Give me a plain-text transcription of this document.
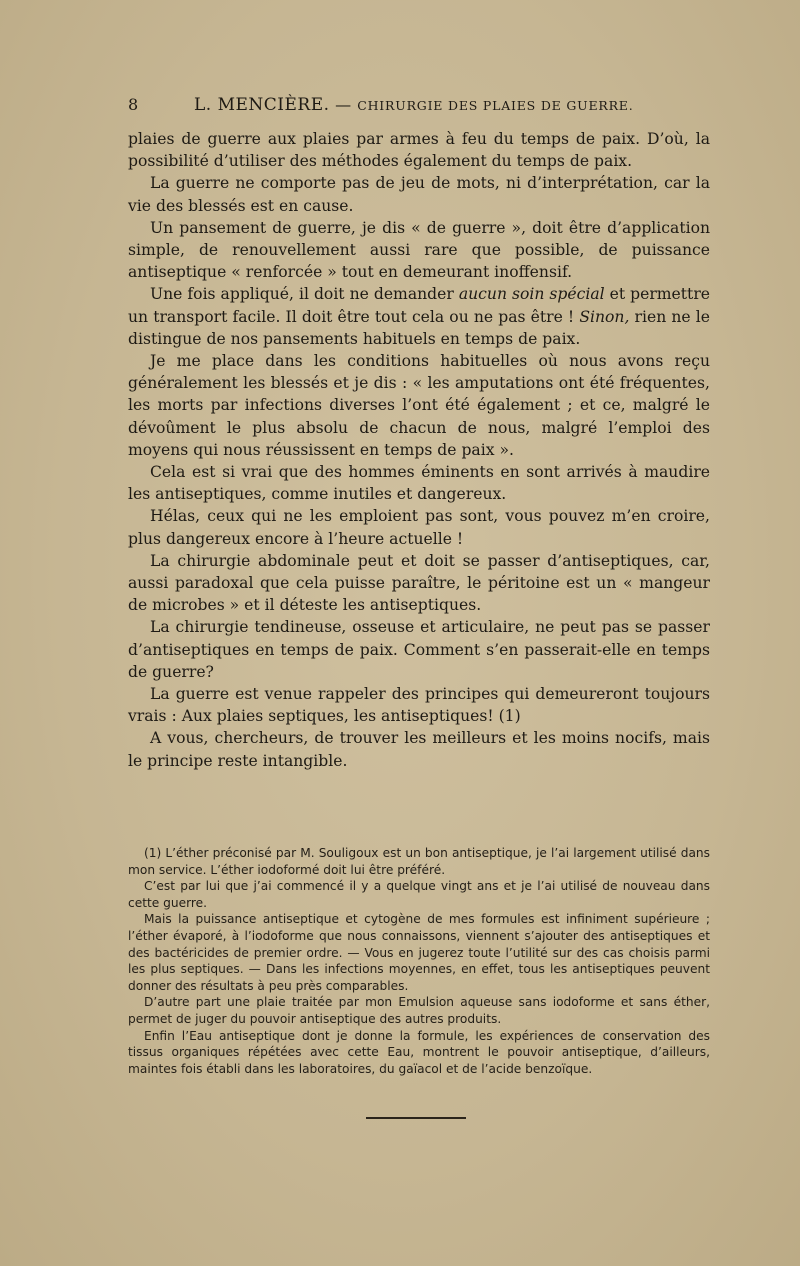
8	L. MENCIÈRE. — CHIRURGIE DES PLAIES DE GUERRE.

plaies de guerre aux plaies par armes à feu du temps de paix. D’où, la possibilité d’utiliser des méthodes également du temps de paix.

La guerre ne comporte pas de jeu de mots, ni d’interprétation, car la vie des blessés est en cause.

Un pansement de guerre, je dis « de guerre », doit être d’application simple, de renouvellement aussi rare que possible, de puissance antiseptique « renforcée » tout en demeurant inoffensif.

Une fois appliqué, il doit ne demander aucun soin spécial et permettre un transport facile. Il doit être tout cela ou ne pas être ! Sinon, rien ne le distingue de nos pansements habituels en temps de paix.

Je me place dans les conditions habituelles où nous avons reçu généralement les blessés et je dis : « les amputations ont été fréquentes, les morts par infections diverses l’ont été également ; et ce, malgré le dévoûment le plus absolu de chacun de nous, malgré l’emploi des moyens qui nous réussissent en temps de paix ».

Cela est si vrai que des hommes éminents en sont arrivés à maudire les antiseptiques, comme inutiles et dangereux.

Hélas, ceux qui ne les emploient pas sont, vous pouvez m’en croire, plus dangereux encore à l’heure actuelle !

La chirurgie abdominale peut et doit se passer d’antiseptiques, car, aussi paradoxal que cela puisse paraître, le péritoine est un « mangeur de microbes » et il déteste les antiseptiques.

La chirurgie tendineuse, osseuse et articulaire, ne peut pas se passer d’antiseptiques en temps de paix. Comment s’en passerait-elle en temps de guerre?

La guerre est venue rappeler des principes qui demeureront toujours vrais : Aux plaies septiques, les antiseptiques! (1)

A vous, chercheurs, de trouver les meilleurs et les moins nocifs, mais le principe reste intangible.

(1) L’éther préconisé par M. Souligoux est un bon antiseptique, je l’ai largement utilisé dans mon service. L’éther iodoformé doit lui être préféré.

C’est par lui que j’ai commencé il y a quelque vingt ans et je l’ai utilisé de nouveau dans cette guerre.

Mais la puissance antiseptique et cytogène de mes formules est infiniment supérieure ; l’éther évaporé, à l’iodoforme que nous connaissons, viennent s’ajouter des antiseptiques et des bactéricides de premier ordre. — Vous en jugerez toute l’utilité sur des cas choisis parmi les plus septiques. — Dans les infections moyennes, en effet, tous les antiseptiques peuvent donner des résultats à peu près comparables.

D’autre part une plaie traitée par mon Emulsion aqueuse sans iodoforme et sans éther, permet de juger du pouvoir antiseptique des autres produits.

Enfin l’Eau antiseptique dont je donne la formule, les expériences de conservation des tissus organiques répétées avec cette Eau, montrent le pouvoir antiseptique, d’ailleurs, maintes fois établi dans les laboratoires, du gaïacol et de l’acide benzoïque.
